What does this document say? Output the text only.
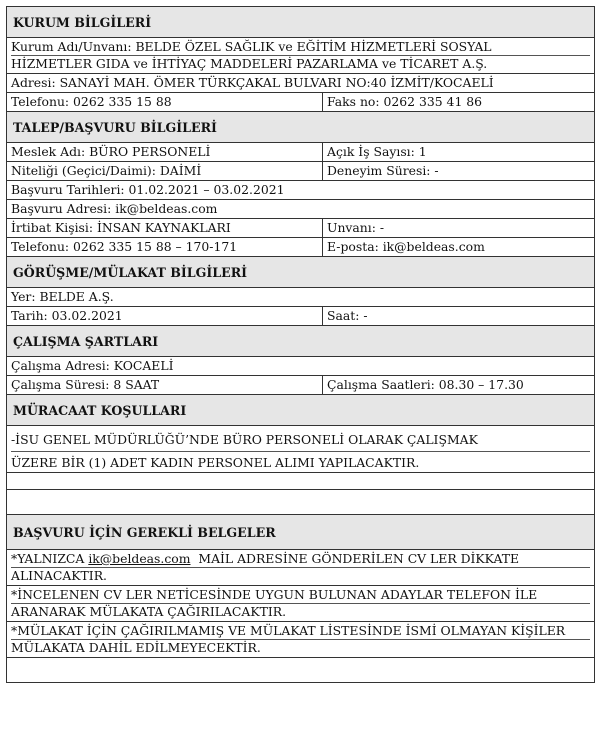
KURUM BİLGİLERİ	

Kurum Adı/Unvanı: BELDE ÖZEL SAĞLIK ve EĞİTİM HİZMETLERİ SOSYAL
HİZMETLER GIDA ve İHTİYAÇ MADDELERİ PAZARLAMA ve TİCARET A.Ş.	
Adresi: SANAYİ MAH. ÖMER TÜRKÇAKAL BULVARI NO:40 İZMİT/KOCAELİ	
Telefonu: 0262 335 15 88	Faks no: 0262 335 41 86
TALEP/BAŞVURU BİLGİLERİ	
Meslek Adı: BÜRO PERSONELİ	Açık İş Sayısı: 1
Niteliği (Geçici/Daimi): DAİMİ	Deneyim Süresi: -
Başvuru Tarihleri: 01.02.2021 – 03.02.2021	
Başvuru Adresi: ik@beldeas.com	
İrtibat Kişisi: İNSAN KAYNAKLARI	Unvanı: -
Telefonu: 0262 335 15 88 – 170-171	E-posta: ik@beldeas.com
GÖRÜŞME/MÜLAKAT BİLGİLERİ	
Yer: BELDE A.Ş.	
Tarih: 03.02.2021	Saat: -
ÇALIŞMA ŞARTLARI	
Çalışma Adresi: KOCAELİ	
Çalışma Süresi: 8 SAAT	Çalışma Saatleri: 08.30 – 17.30
MÜRACAAT KOŞULLARI	

-İSU GENEL MÜDÜRLÜĞÜ’NDE BÜRO PERSONELİ OLARAK ÇALIŞMAK
ÜZERE BİR (1) ADET KADIN PERSONEL ALIMI YAPILACAKTIR.	

BAŞVURU İÇİN GEREKLİ BELGELER	

*YALNIZCA ik@beldeas.com  MAİL ADRESİNE GÖNDERİLEN CV LER DİKKATE
ALINACAKTIR.	

*İNCELENEN CV LER NETİCESİNDE UYGUN BULUNAN ADAYLAR TELEFON İLE
ARANARAK MÜLAKATA ÇAĞIRILACAKTIR.	

*MÜLAKAT İÇİN ÇAĞIRILMAMIŞ VE MÜLAKAT LİSTESİNDE İSMİ OLMAYAN KİŞİLER
MÜLAKATA DAHİL EDİLMEYECEKTİR.	
